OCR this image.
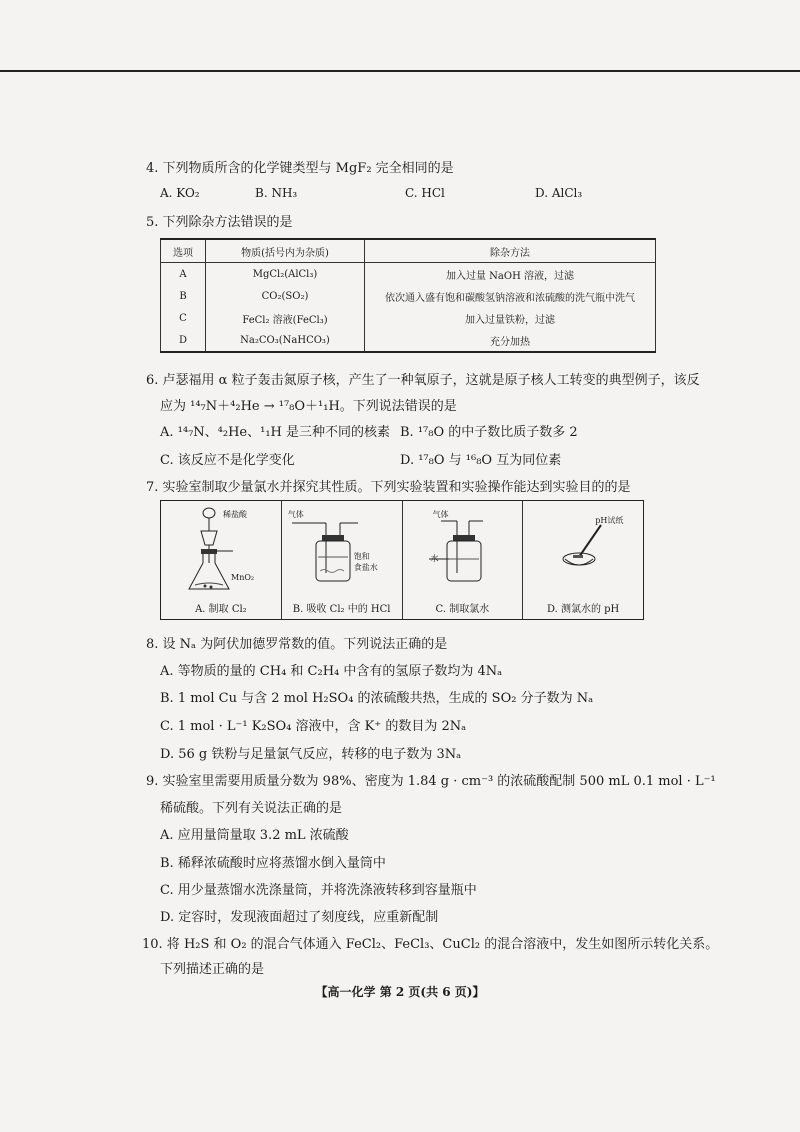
4. 下列物质所含的化学键类型与 MgF₂ 完全相同的是
A. KO₂	B. NH₃	C. HCl	D. AlCl₃
5. 下列除杂方法错误的是
选项	物质(括号内为杂质)	除杂方法
A	MgCl₂(AlCl₃)	加入过量 NaOH 溶液，过滤
B	CO₂(SO₂)	依次通入盛有饱和碳酸氢钠溶液和浓硫酸的洗气瓶中洗气
C	FeCl₂ 溶液(FeCl₃)	加入过量铁粉，过滤
D	Na₂CO₃(NaHCO₃)	充分加热
6. 卢瑟福用 α 粒子轰击氮原子核，产生了一种氧原子，这就是原子核人工转变的典型例子，该反
应为 ¹⁴₇N＋⁴₂He → ¹⁷₈O＋¹₁H。下列说法错误的是
A. ¹⁴₇N、⁴₂He、¹₁H 是三种不同的核素 B. ¹⁷₈O 的中子数比质子数多 2
C. 该反应不是化学变化	D. ¹⁷₈O 与 ¹⁶₈O 互为同位素
7. 实验室制取少量氯水并探究其性质。下列实验装置和实验操作能达到实验目的的是
稀盐酸
MnO₂
A. 制取 Cl₂
气体
饱和
食盐水
B. 吸收 Cl₂ 中的 HCl
气体
水
C. 制取氯水
pH试纸
D. 测氯水的 pH
8. 设 Nₐ 为阿伏加德罗常数的值。下列说法正确的是
A. 等物质的量的 CH₄ 和 C₂H₄ 中含有的氢原子数均为 4Nₐ
B. 1 mol Cu 与含 2 mol H₂SO₄ 的浓硫酸共热，生成的 SO₂ 分子数为 Nₐ
C. 1 mol · L⁻¹ K₂SO₄ 溶液中，含 K⁺ 的数目为 2Nₐ
D. 56 g 铁粉与足量氯气反应，转移的电子数为 3Nₐ
9. 实验室里需要用质量分数为 98%、密度为 1.84 g · cm⁻³ 的浓硫酸配制 500 mL 0.1 mol · L⁻¹
稀硫酸。下列有关说法正确的是
A. 应用量筒量取 3.2 mL 浓硫酸
B. 稀释浓硫酸时应将蒸馏水倒入量筒中
C. 用少量蒸馏水洗涤量筒，并将洗涤液转移到容量瓶中
D. 定容时，发现液面超过了刻度线，应重新配制
10. 将 H₂S 和 O₂ 的混合气体通入 FeCl₂、FeCl₃、CuCl₂ 的混合溶液中，发生如图所示转化关系。
下列描述正确的是
【高一化学 第 2 页(共 6 页)】
